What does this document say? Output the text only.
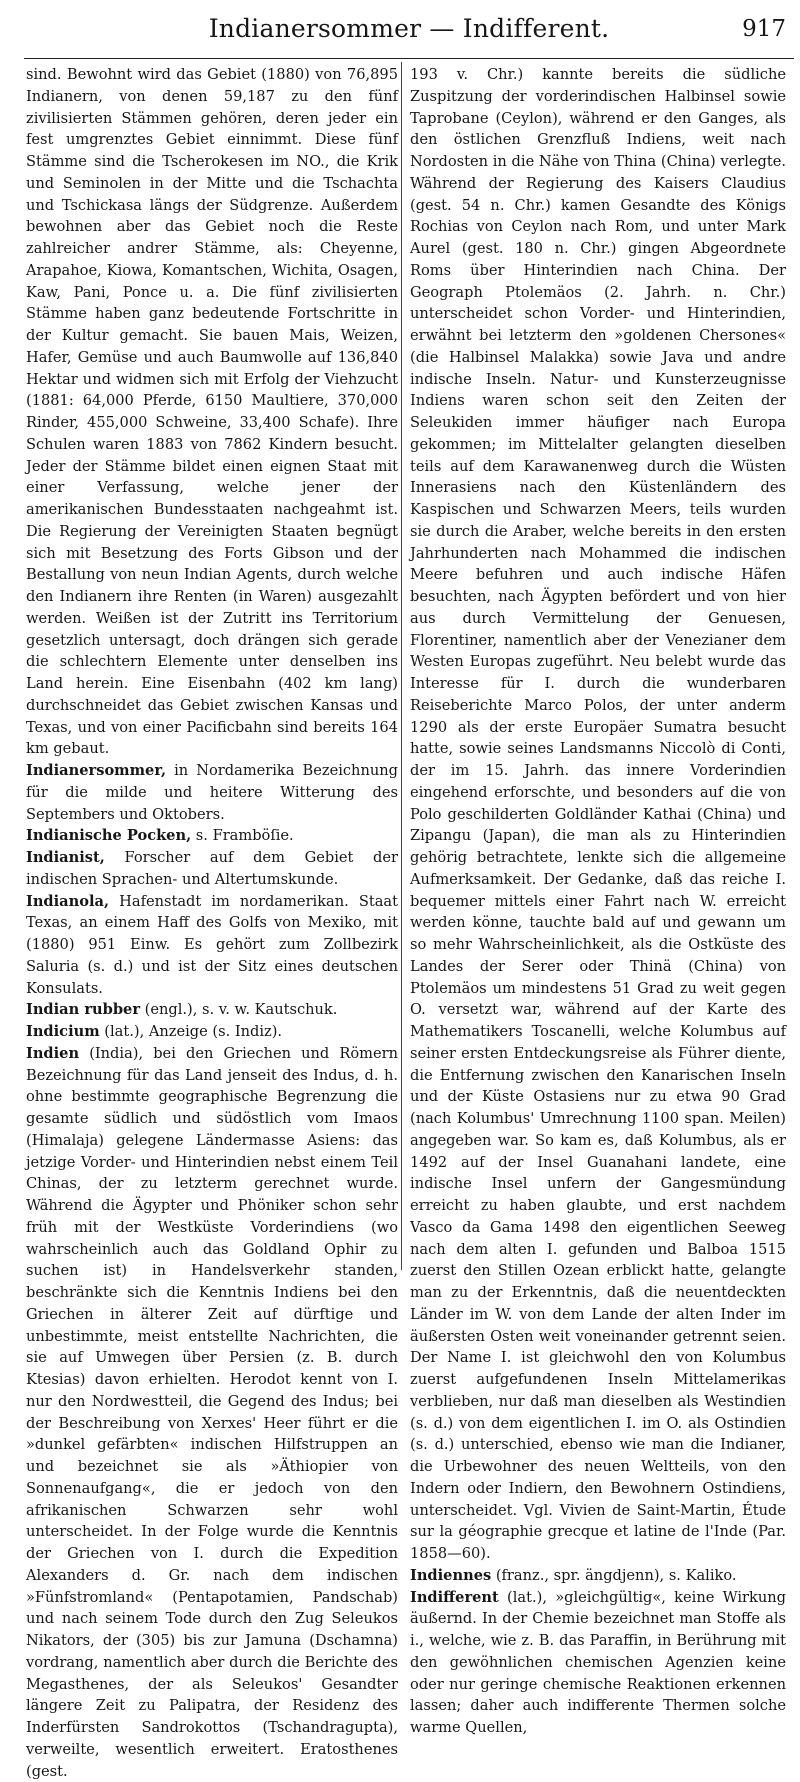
Indianersommer — Indifferent.	917

sind. Bewohnt wird das Gebiet (1880) von 76,895 Indianern, von denen 59,187 zu den fünf zivilisierten Stämmen gehören, deren jeder ein fest umgrenztes Gebiet einnimmt. Diese fünf Stämme sind die Tscherokesen im NO., die Krik und Seminolen in der Mitte und die Tschachta und Tschickasa längs der Südgrenze. Außerdem bewohnen aber das Gebiet noch die Reste zahlreicher andrer Stämme, als: Cheyenne, Arapahoe, Kiowa, Komantschen, Wichita, Osagen, Kaw, Pani, Ponce u. a. Die fünf zivilisierten Stämme haben ganz bedeutende Fortschritte in der Kultur gemacht. Sie bauen Mais, Weizen, Hafer, Gemüse und auch Baumwolle auf 136,840 Hektar und widmen sich mit Erfolg der Viehzucht (1881: 64,000 Pferde, 6150 Maultiere, 370,000 Rinder, 455,000 Schweine, 33,400 Schafe). Ihre Schulen waren 1883 von 7862 Kindern besucht. Jeder der Stämme bildet einen eignen Staat mit einer Verfassung, welche jener der amerikanischen Bundesstaaten nachgeahmt ist. Die Regierung der Vereinigten Staaten begnügt sich mit Besetzung des Forts Gibson und der Bestallung von neun Indian Agents, durch welche den Indianern ihre Renten (in Waren) ausgezahlt werden. Weißen ist der Zutritt ins Territorium gesetzlich untersagt, doch drängen sich gerade die schlechtern Elemente unter denselben ins Land herein. Eine Eisenbahn (402 km lang) durchschneidet das Gebiet zwischen Kansas und Texas, und von einer Pacificbahn sind bereits 164 km gebaut.

Indianersommer, in Nordamerika Bezeichnung für die milde und heitere Witterung des Septembers und Oktobers.

Indianische Pocken, s. Framböſie.

Indianist, Forscher auf dem Gebiet der indischen Sprachen- und Altertumskunde.

Indianola, Hafenstadt im nordamerikan. Staat Texas, an einem Haff des Golfs von Mexiko, mit (1880) 951 Einw. Es gehört zum Zollbezirk Saluria (s. d.) und ist der Sitz eines deutschen Konsulats.

Indian rubber (engl.), s. v. w. Kautschuk.

Indicium (lat.), Anzeige (s. Indiz).

Indien (India), bei den Griechen und Römern Bezeichnung für das Land jenseit des Indus, d. h. ohne bestimmte geographische Begrenzung die gesamte südlich und südöstlich vom Imaos (Himalaja) gelegene Ländermasse Asiens: das jetzige Vorder- und Hinterindien nebst einem Teil Chinas, der zu letzterm gerechnet wurde. Während die Ägypter und Phöniker schon sehr früh mit der Westküste Vorderindiens (wo wahrscheinlich auch das Goldland Ophir zu suchen ist) in Handelsverkehr standen, beschränkte sich die Kenntnis Indiens bei den Griechen in älterer Zeit auf dürftige und unbestimmte, meist entstellte Nachrichten, die sie auf Umwegen über Persien (z. B. durch Ktesias) davon erhielten. Herodot kennt von I. nur den Nordwestteil, die Gegend des Indus; bei der Beschreibung von Xerxes' Heer führt er die »dunkel gefärbten« indischen Hilfstruppen an und bezeichnet sie als »Äthiopier von Sonnenaufgang«, die er jedoch von den afrikanischen Schwarzen sehr wohl unterscheidet. In der Folge wurde die Kenntnis der Griechen von I. durch die Expedition Alexanders d. Gr. nach dem indischen »Fünfstromland« (Pentapotamien, Pandschab) und nach seinem Tode durch den Zug Seleukos Nikators, der (305) bis zur Jamuna (Dschamna) vordrang, namentlich aber durch die Berichte des Megasthenes, der als Seleukos' Gesandter längere Zeit zu Palipatra, der Residenz des Inderfürsten Sandrokottos (Tschandragupta), verweilte, wesentlich erweitert. Eratosthenes (gest.

193 v. Chr.) kannte bereits die südliche Zuspitzung der vorderindischen Halbinsel sowie Taprobane (Ceylon), während er den Ganges, als den östlichen Grenzfluß Indiens, weit nach Nordosten in die Nähe von Thina (China) verlegte. Während der Regierung des Kaisers Claudius (gest. 54 n. Chr.) kamen Gesandte des Königs Rochias von Ceylon nach Rom, und unter Mark Aurel (gest. 180 n. Chr.) gingen Abgeordnete Roms über Hinterindien nach China. Der Geograph Ptolemäos (2. Jahrh. n. Chr.) unterscheidet schon Vorder- und Hinterindien, erwähnt bei letzterm den »goldenen Chersones« (die Halbinsel Malakka) sowie Java und andre indische Inseln. Natur- und Kunsterzeugnisse Indiens waren schon seit den Zeiten der Seleukiden immer häufiger nach Europa gekommen; im Mittelalter gelangten dieselben teils auf dem Karawanenweg durch die Wüsten Innerasiens nach den Küstenländern des Kaspischen und Schwarzen Meers, teils wurden sie durch die Araber, welche bereits in den ersten Jahrhunderten nach Mohammed die indischen Meere befuhren und auch indische Häfen besuchten, nach Ägypten befördert und von hier aus durch Vermittelung der Genuesen, Florentiner, namentlich aber der Venezianer dem Westen Europas zugeführt. Neu belebt wurde das Interesse für I. durch die wunderbaren Reiseberichte Marco Polos, der unter anderm 1290 als der erste Europäer Sumatra besucht hatte, sowie seines Landsmanns Niccolò di Conti, der im 15. Jahrh. das innere Vorderindien eingehend erforschte, und besonders auf die von Polo geschilderten Goldländer Kathai (China) und Zipangu (Japan), die man als zu Hinterindien gehörig betrachtete, lenkte sich die allgemeine Aufmerksamkeit. Der Gedanke, daß das reiche I. bequemer mittels einer Fahrt nach W. erreicht werden könne, tauchte bald auf und gewann um so mehr Wahrscheinlichkeit, als die Ostküste des Landes der Serer oder Thinä (China) von Ptolemäos um mindestens 51 Grad zu weit gegen O. versetzt war, während auf der Karte des Mathematikers Toscanelli, welche Kolumbus auf seiner ersten Entdeckungsreise als Führer diente, die Entfernung zwischen den Kanarischen Inseln und der Küste Ostasiens nur zu etwa 90 Grad (nach Kolumbus' Umrechnung 1100 span. Meilen) angegeben war. So kam es, daß Kolumbus, als er 1492 auf der Insel Guanahani landete, eine indische Insel unfern der Gangesmündung erreicht zu haben glaubte, und erst nachdem Vasco da Gama 1498 den eigentlichen Seeweg nach dem alten I. gefunden und Balboa 1515 zuerst den Stillen Ozean erblickt hatte, gelangte man zu der Erkenntnis, daß die neuentdeckten Länder im W. von dem Lande der alten Inder im äußersten Osten weit voneinander getrennt seien. Der Name I. ist gleichwohl den von Kolumbus zuerst aufgefundenen Inseln Mittelamerikas verblieben, nur daß man dieselben als Westindien (s. d.) von dem eigentlichen I. im O. als Ostindien (s. d.) unterschied, ebenso wie man die Indianer, die Urbewohner des neuen Weltteils, von den Indern oder Indiern, den Bewohnern Ostindiens, unterscheidet. Vgl. Vivien de Saint-Martin, Étude sur la géographie grecque et latine de l'Inde (Par. 1858—60).

Indiennes (franz., spr. ängdjenn), s. Kaliko.

Indifferent (lat.), »gleichgültig«, keine Wirkung äußernd. In der Chemie bezeichnet man Stoffe als i., welche, wie z. B. das Paraffin, in Berührung mit den gewöhnlichen chemischen Agenzien keine oder nur geringe chemische Reaktionen erkennen lassen; daher auch indifferente Thermen solche warme Quellen,
